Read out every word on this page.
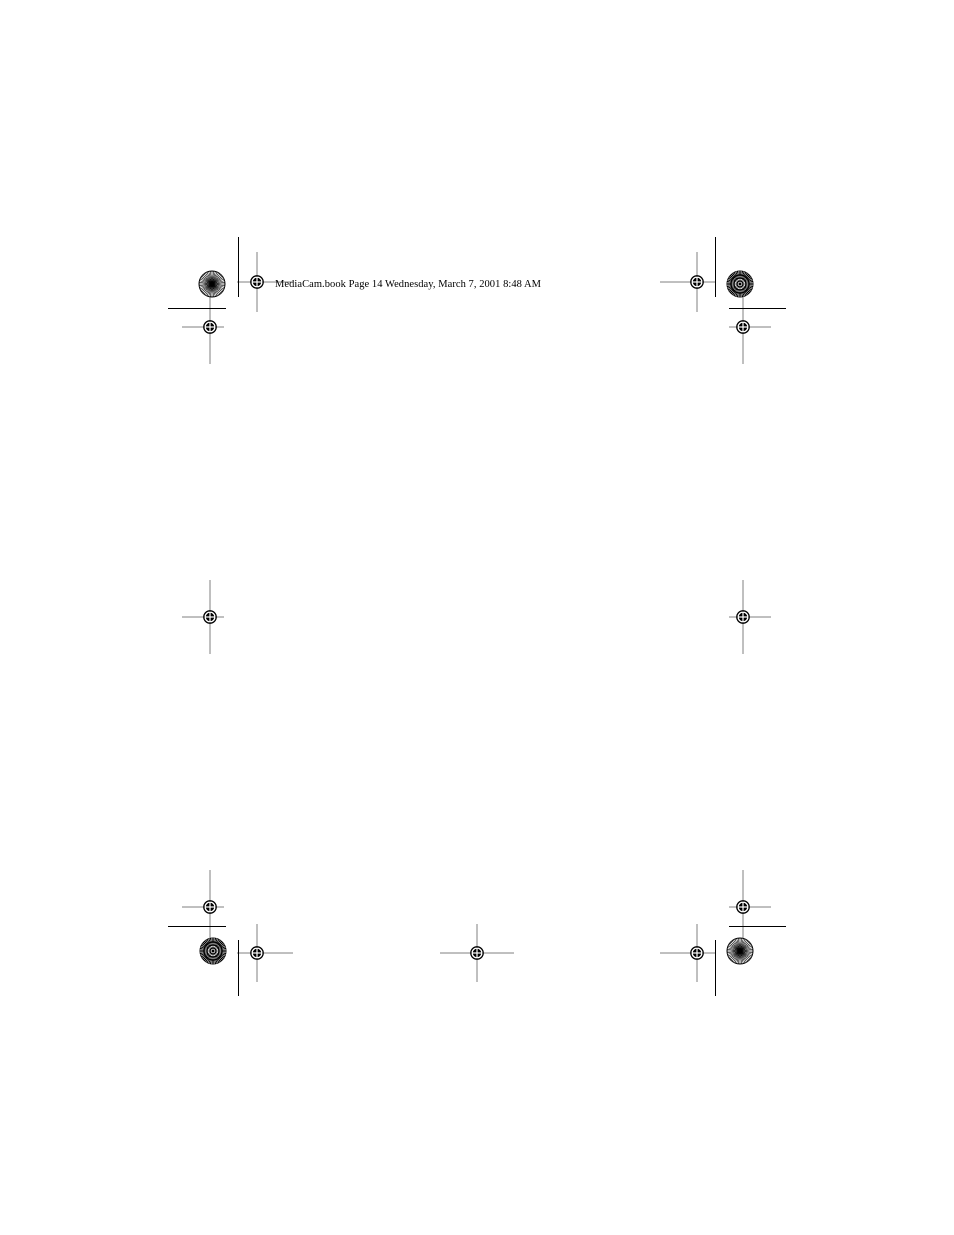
MediaCam.book Page 14 Wednesday, March 7, 2001 8:48 AM
